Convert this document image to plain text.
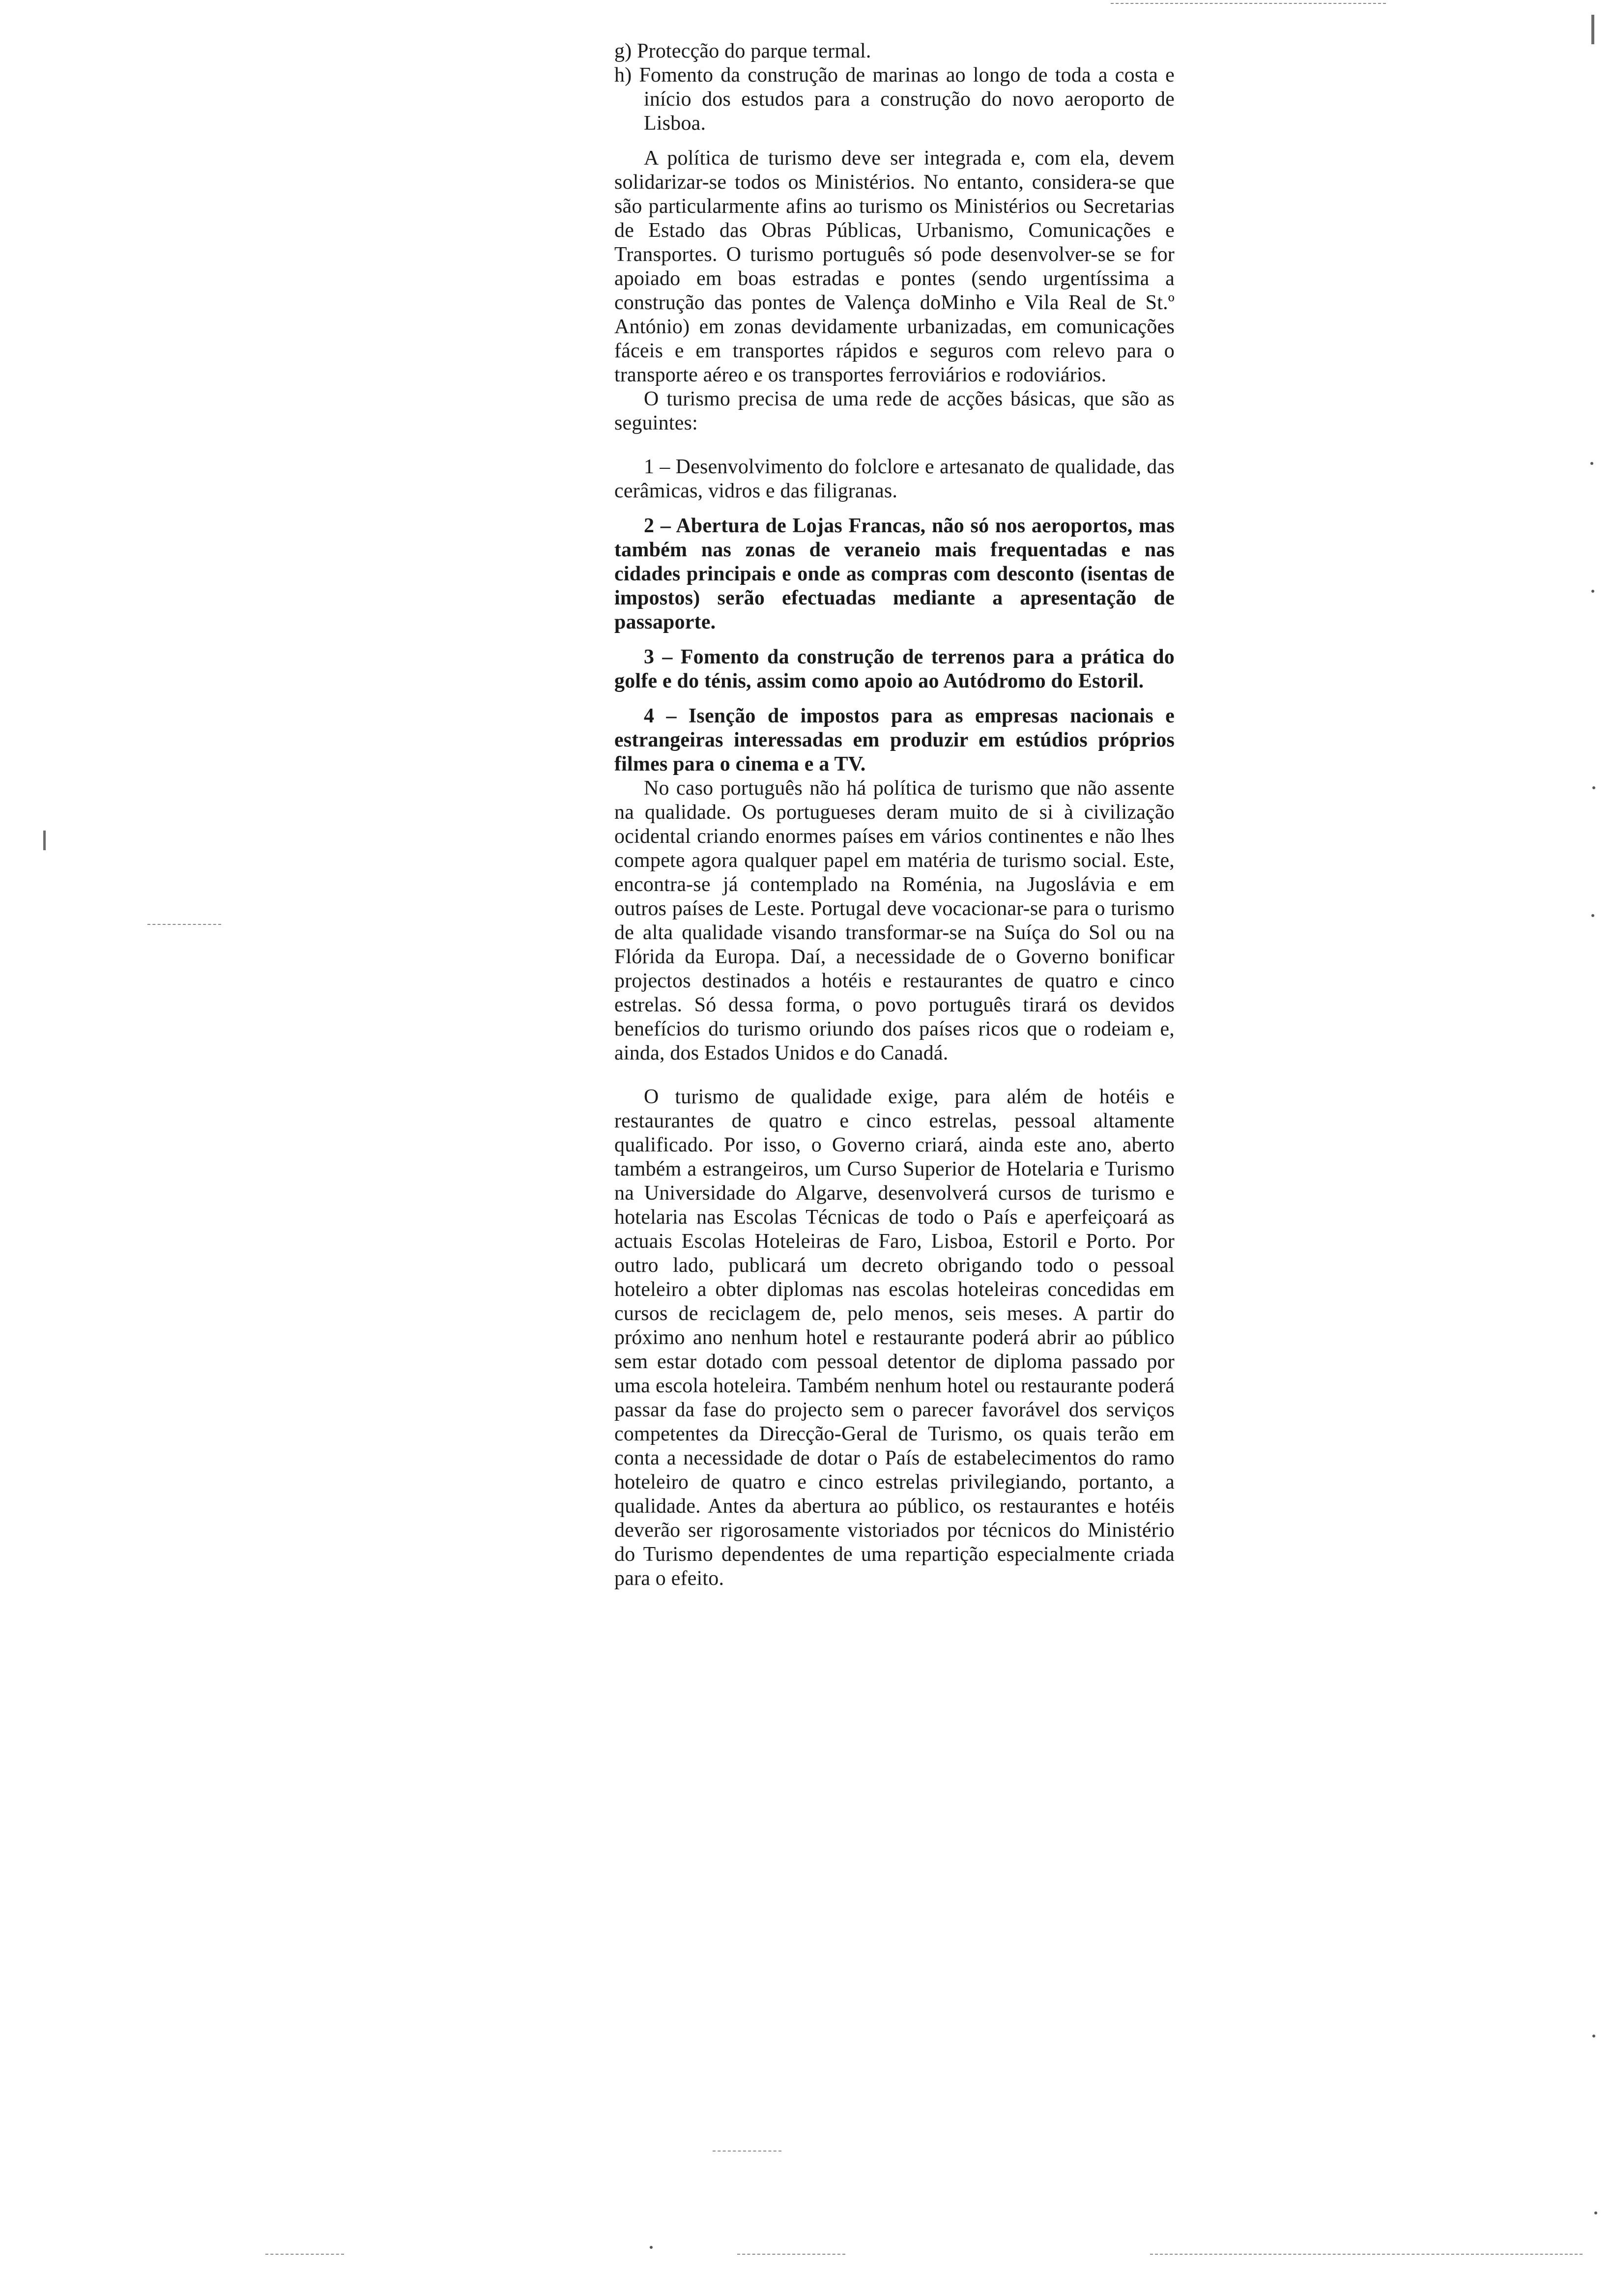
g) Protecção do parque termal.

h) Fomento da construção de marinas ao longo de toda a costa e início dos estudos para a construção do novo aeroporto de Lisboa.

A política de turismo deve ser integrada e, com ela, devem solidarizar-se todos os Ministérios. No entanto, considera-se que são particularmente afins ao turismo os Ministérios ou Secretarias de Estado das Obras Públicas, Urbanismo, Comunicações e Transportes. O turismo português só pode desenvolver-se se for apoiado em boas estradas e pontes (sendo urgentíssima a construção das pontes de Valença doMinho e Vila Real de St.º António) em zonas devidamente urbanizadas, em comunicações fáceis e em transportes rápidos e seguros com relevo para o transporte aéreo e os transportes ferroviários e rodoviários.

O turismo precisa de uma rede de acções básicas, que são as seguintes:

1 – Desenvolvimento do folclore e artesanato de qualidade, das cerâmicas, vidros e das filigranas.

2 – Abertura de Lojas Francas, não só nos aeroportos, mas também nas zonas de veraneio mais frequentadas e nas cidades principais e onde as compras com desconto (isentas de impostos) serão efectuadas mediante a apresentação de passaporte.

3 – Fomento da construção de terrenos para a prática do golfe e do ténis, assim como apoio ao Autódromo do Estoril.

4 – Isenção de impostos para as empresas nacionais e estrangeiras interessadas em produzir em estúdios próprios filmes para o cinema e a TV.

No caso português não há política de turismo que não assente na qualidade. Os portugueses deram muito de si à civilização ocidental criando enormes países em vários continentes e não lhes compete agora qualquer papel em matéria de turismo social. Este, encontra-se já contemplado na Roménia, na Jugoslávia e em outros países de Leste. Portugal deve vocacionar-se para o turismo de alta qualidade visando transformar-se na Suíça do Sol ou na Flórida da Europa. Daí, a necessidade de o Governo bonificar projectos destinados a hotéis e restaurantes de quatro e cinco estrelas. Só dessa forma, o povo português tirará os devidos benefícios do turismo oriundo dos países ricos que o rodeiam e, ainda, dos Estados Unidos e do Canadá.

O turismo de qualidade exige, para além de hotéis e restaurantes de quatro e cinco estrelas, pessoal altamente qualificado. Por isso, o Governo criará, ainda este ano, aberto também a estrangeiros, um Curso Superior de Hotelaria e Turismo na Universidade do Algarve, desenvolverá cursos de turismo e hotelaria nas Escolas Técnicas de todo o País e aperfeiçoará as actuais Escolas Hoteleiras de Faro, Lisboa, Estoril e Porto. Por outro lado, publicará um decreto obrigando todo o pessoal hoteleiro a obter diplomas nas escolas hoteleiras concedidas em cursos de reciclagem de, pelo menos, seis meses. A partir do próximo ano nenhum hotel e restaurante poderá abrir ao público sem estar dotado com pessoal detentor de diploma passado por uma escola hoteleira. Também nenhum hotel ou restaurante poderá passar da fase do projecto sem o parecer favorável dos serviços competentes da Direcção-Geral de Turismo, os quais terão em conta a necessidade de dotar o País de estabelecimentos do ramo hoteleiro de quatro e cinco estrelas privilegiando, portanto, a qualidade. Antes da abertura ao público, os restaurantes e hotéis deverão ser rigorosamente vistoriados por técnicos do Ministério do Turismo dependentes de uma repartição especialmente criada para o efeito.
